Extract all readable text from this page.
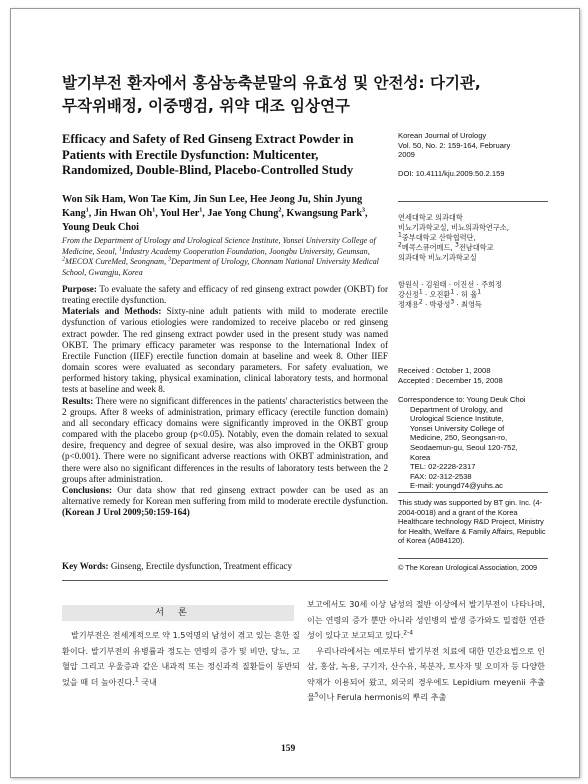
발기부전 환자에서 홍삼농축분말의 유효성 및 안전성: 다기관,
무작위배정, 이중맹검, 위약 대조 임상연구
Efficacy and Safety of Red Ginseng Extract Powder in Patients with Erectile Dysfunction: Multicenter, Randomized, Double-Blind, Placebo-Controlled Study
Won Sik Ham, Won Tae Kim, Jin Sun Lee, Hee Jeong Ju, Shin Jyung Kang$^1$, Jin Hwan Oh$^1$, Youl Her$^1$, Jae Yong Chung$^2$, Kwangsung Park$^3$, Young Deuk Choi
From the Department of Urology and Urological Science Institute, Yonsei University College of Medicine, Seoul, $^1$Industry Academy Cooperation Foundation, Joongbu University, Geumsan, $^2$MECOX CureMed, Seongnam, $^3$Department of Urology, Chonnam National University Medical School, Gwangju, Korea

Purpose: To evaluate the safety and efficacy of red ginseng extract powder (OKBT) for treating erectile dysfunction.

Materials and Methods: Sixty-nine adult patients with mild to moderate erectile dysfunction of various etiologies were randomized to receive placebo or red ginseng extract powder. The red ginseng extract powder used in the present study was named OKBT. The primary efficacy parameter was response to the International Index of Erectile Function (IIEF) erectile function domain at baseline and week 8. Other IIEF domain scores were evaluated as secondary parameters. For safety evaluation, we performed history taking, physical examination, clinical laboratory tests, and hormonal tests at baseline and week 8.

Results: There were no significant differences in the patients' characteristics between the 2 groups. After 8 weeks of administration, primary efficacy (erectile function domain) and all secondary efficacy domains were significantly improved in the OKBT group compared with the placebo group (p<0.05). Notably, even the domain related to sexual desire, frequency and degree of sexual desire, was also improved in the OKBT group (p<0.001). There were no significant adverse reactions with OKBT administration, and there were also no significant differences in the results of laboratory tests between the 2 groups after administration.

Conclusions: Our data show that red ginseng extract powder can be used as an alternative remedy for Korean men suffering from mild to moderate erectile dysfunction. (Korean J Urol 2009;50:159-164)

Key Words: Ginseng, Erectile dysfunction, Treatment efficacy
Korean Journal of Urology
Vol. 50, No. 2: 159-164, February
2009
DOI: 10.4111/kju.2009.50.2.159
연세대학교 의과대학
비뇨기과학교실, 비뇨의과학연구소,
$^1$중부대학교 산학협력단,
$^2$메콕스큐어메드, $^3$전남대학교
의과대학 비뇨기과학교실
함원식 · 김원태 · 이진선 · 주희정
강신정$^1$ · 오진환$^1$ · 허 율$^1$
정재용$^2$ · 박광성$^3$ · 최영득
Received : October 1, 2008
Accepted : December 15, 2008
Correspondence to: Young Deuk Choi
Department of Urology, and
Urological Science Institute,
Yonsei University College of
Medicine, 250, Seongsan-ro,
Seodaemun-gu, Seoul 120-752,
Korea
TEL: 02-2228-2317
FAX: 02-312-2538
E-mail: youngd74@yuhs.ac
This study was supported by BT gin. Inc. (4-2004-0018) and a grant of the Korea Healthcare technology R&D Project, Ministry for Health, Welfare & Family Affairs, Republic of Korea (A084120).
© The Korean Urological Association, 2009
서론

발기부전은 전세계적으로 약 1.5억명의 남성이 겪고 있는 흔한 질환이다. 발기부전의 유병률과 정도는 연령의 증가 및 비만, 당뇨, 고혈압 그리고 우울증과 같은 내과적 또는 정신과적 질환들이 동반되었을 때 더 높아진다.$^1$ 국내

보고에서도 30세 이상 남성의 절반 이상에서 발기부전이 나타나며, 이는 연령의 증가 뿐만 아니라 성인병의 발생 증가와도 밀접한 연관성이 있다고 보고되고 있다.$^{2-4}$

우리나라에서는 예로부터 발기부전 치료에 대한 민간요법으로 인삼, 홍삼, 녹용, 구기자, 산수유, 복분자, 토사자 및 오미자 등 다양한 약재가 이용되어 왔고, 외국의 경우에도 Lepidium meyenii 추출물$^5$이나 Ferula hermonis의 뿌리 추출

159
